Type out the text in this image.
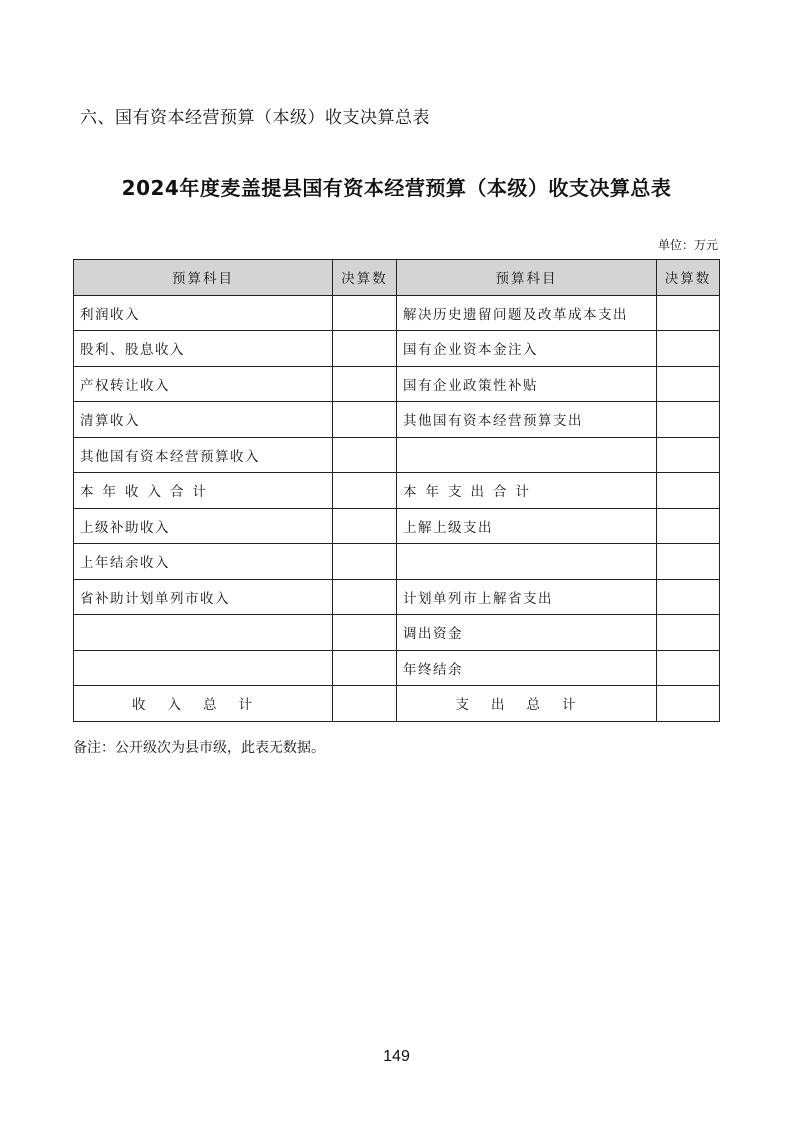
六、国有资本经营预算（本级）收支决算总表
2024年度麦盖提县国有资本经营预算（本级）收支决算总表
单位：万元
预算科目	决算数	预算科目	决算数
利润收入		解决历史遗留问题及改革成本支出	
股利、股息收入		国有企业资本金注入	
产权转让收入		国有企业政策性补贴	
清算收入		其他国有资本经营预算支出	
其他国有资本经营预算收入			
本年收入合计		本年支出合计	
上级补助收入		上解上级支出	
上年结余收入			
省补助计划单列市收入		计划单列市上解省支出	
		调出资金	
		年终结余	
收入总计		支出总计	
备注：公开级次为县市级，此表无数据。
149
